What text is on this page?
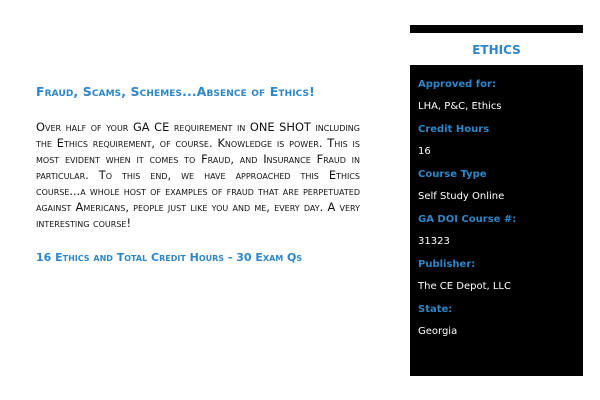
Fraud, Scams, Schemes...Absence of Ethics!
Over half of your GA CE requirement in ONE SHOT including the Ethics requirement, of course. Knowledge is power. This is most evident when it comes to Fraud, and Insurance Fraud in particular. To this end, we have approached this Ethics course...a whole host of examples of fraud that are perpetuated against Americans, people just like you and me, every day. A very interesting course!
16 Ethics and Total Credit Hours - 30 Exam Qs
ETHICS
Approved for:
LHA, P&C, Ethics
Credit Hours
16
Course Type
Self Study Online
GA DOI Course #:
31323
Publisher:
The CE Depot, LLC
State:
Georgia
